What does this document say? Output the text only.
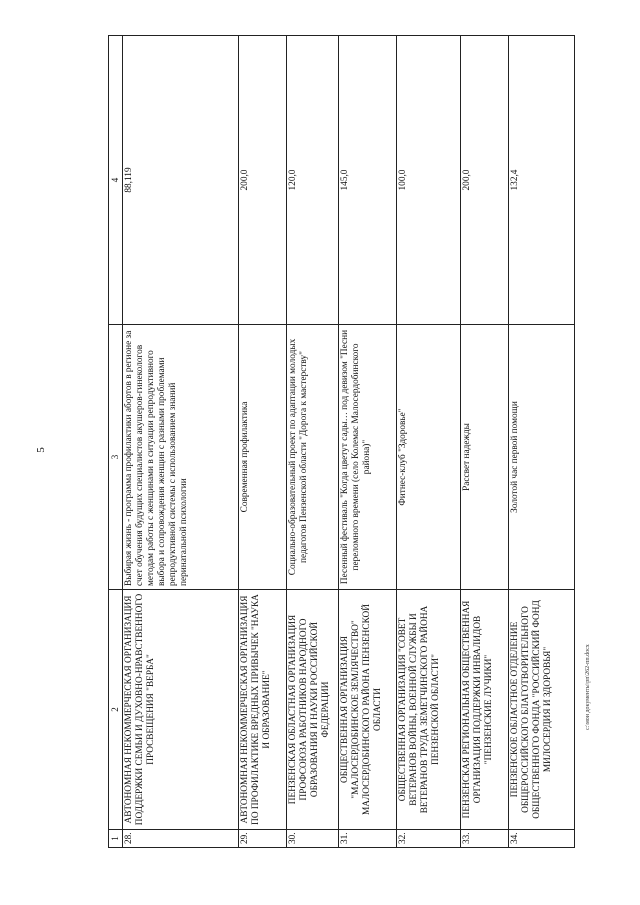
5
1	2	3	4
28.	АВТОНОМНАЯ НЕКОММЕРЧЕСКАЯ ОРГАНИЗАЦИЯ ПОДДЕРЖКИ СЕМЬИ И ДУХОВНО-НРАВСТВЕННОГО ПРОСВЕЩЕНИЯ "ВЕРБА"	Выбирая жизнь - программа профилактики абортов в регионе за счет обучения будущих специалистов акушеров-гинекологов методам работы с женщинами в ситуации репродуктивного выбора и сопровождения женщин с разными проблемами репродуктивной системы с использованием знаний перинатальной психологии	88,119
29.	АВТОНОМНАЯ НЕКОММЕРЧЕСКАЯ ОРГАНИЗАЦИЯ ПО ПРОФИЛАКТИКЕ ВРЕДНЫХ ПРИВЫЧЕК "НАУКА И ОБРАЗОВАНИЕ"	Современная профилактика	200,0
30.	ПЕНЗЕНСКАЯ ОБЛАСТНАЯ ОРГАНИЗАЦИЯ ПРОФСОЮЗА РАБОТНИКОВ НАРОДНОГО ОБРАЗОВАНИЯ И НАУКИ РОССИЙСКОЙ ФЕДЕРАЦИИ	Социально-образовательный проект по адаптации молодых педагогов Пензенской области "Дорога к мастерству"	120,0
31.	ОБЩЕСТВЕННАЯ ОРГАНИЗАЦИЯ "МАЛОСЕРДОБИНСКОЕ ЗЕМЛЯЧЕСТВО" МАЛОСЕРДОБИНСКОГО РАЙОНА ПЕНЗЕНСКОЙ ОБЛАСТИ	Песенный фестиваль "Когда цветут сады… под девизом "Песни переломного времени (село Колемас Малосердобинского района)"	145,0
32.	ОБЩЕСТВЕННАЯ ОРГАНИЗАЦИЯ "СОВЕТ ВЕТЕРАНОВ ВОЙНЫ, ВОЕННОЙ СЛУЖБЫ И ВЕТЕРАНОВ ТРУДА ЗЕМЕТЧИНСКОГО РАЙОНА ПЕНЗЕНСКОЙ ОБЛАСТИ"	Фитнес-клуб "Здоровье"	100,0
33.	ПЕНЗЕНСКАЯ РЕГИОНАЛЬНАЯ ОБЩЕСТВЕННАЯ ОРГАНИЗАЦИЯ ПОДДЕРЖКИ ИНВАЛИДОВ "ПЕНЗЕНСКИЕ ЛУЧИКИ"	Рассвет надежды	200,0
34.	ПЕНЗЕНСКОЕ ОБЛАСТНОЕ ОТДЕЛЕНИЕ ОБЩЕРОССИЙСКОГО БЛАГОТВОРИТЕЛЬНОГО ОБЩЕСТВЕННОГО ФОНДА "РОССИЙСКИЙ ФОНД МИЛОСЕРДИЯ И ЗДОРОВЬЯ"	Золотой час первой помощи	132,4
c:\мои документы\рп\262-пп.docx
